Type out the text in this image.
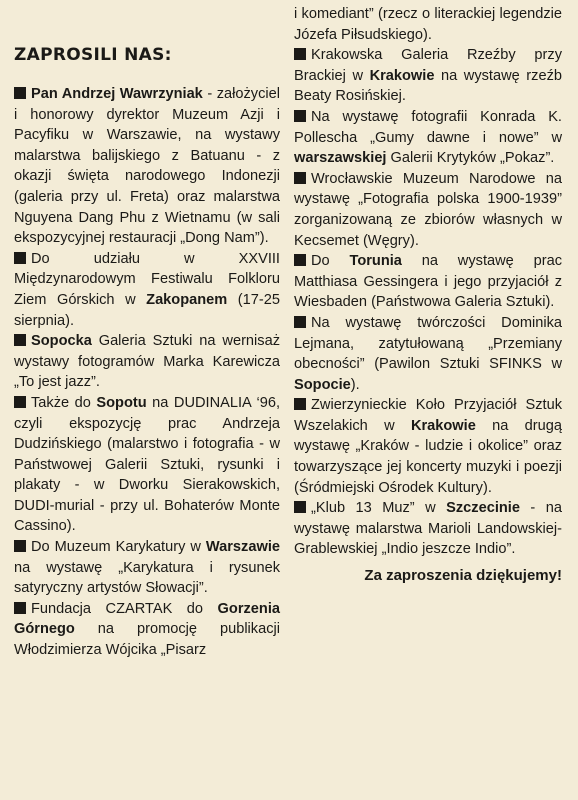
ZAPROSILI NAS:

Pan Andrzej Wawrzyniak - założyciel i honorowy dyrektor Muzeum Azji i Pacyfiku w Warszawie, na wystawy malarstwa balijskiego z Batuanu - z okazji święta narodowego Indonezji (galeria przy ul. Freta) oraz malarstwa Nguyena Dang Phu z Wietnamu (w sali ekspozycyjnej restauracji „Dong Nam”).

Do udziału w XXVIII Międzynarodowym Festiwalu Folkloru Ziem Górskich w Zakopanem (17-25 sierpnia).

Sopocka Galeria Sztuki na wernisaż wystawy fotogramów Marka Karewicza „To jest jazz”.

Także do Sopotu na DUDINALIA ‘96, czyli ekspozycję prac Andrzeja Dudzińskiego (malarstwo i fotografia - w Państwowej Galerii Sztuki, rysunki i plakaty - w Dworku Sierakowskich, DUDI-murial - przy ul. Bohaterów Monte Cassino).

Do Muzeum Karykatury w Warszawie na wystawę „Karykatura i rysunek satyryczny artystów Słowacji”.

Fundacja CZARTAK do Gorzenia Górnego na promocję publikacji Włodzimierza Wójcika „Pisarz

i komediant” (rzecz o literackiej legendzie Józefa Piłsudskiego).

Krakowska Galeria Rzeźby przy Brackiej w Krakowie na wystawę rzeźb Beaty Rosińskiej.

Na wystawę fotografii Konrada K. Pollescha „Gumy dawne i nowe” w warszawskiej Galerii Krytyków „Pokaz”.

Wrocławskie Muzeum Narodowe na wystawę „Fotografia polska 1900-1939” zorganizowaną ze zbiorów własnych w Kecsemet (Węgry).

Do Torunia na wystawę prac Matthiasa Gessingera i jego przyjaciół z Wiesbaden (Państwowa Galeria Sztuki).

Na wystawę twórczości Dominika Lejmana, zatytułowaną „Przemiany obecności” (Pawilon Sztuki SFINKS w Sopocie).

Zwierzynieckie Koło Przyjaciół Sztuk Wszelakich w Krakowie na drugą wystawę „Kraków - ludzie i okolice” oraz towarzyszące jej koncerty muzyki i poezji (Śródmiejski Ośrodek Kultury).

„Klub 13 Muz” w Szczecinie - na wystawę malarstwa Marioli Landowskiej-Grablewskiej „Indio jeszcze Indio”.

Za zaproszenia dziękujemy!
